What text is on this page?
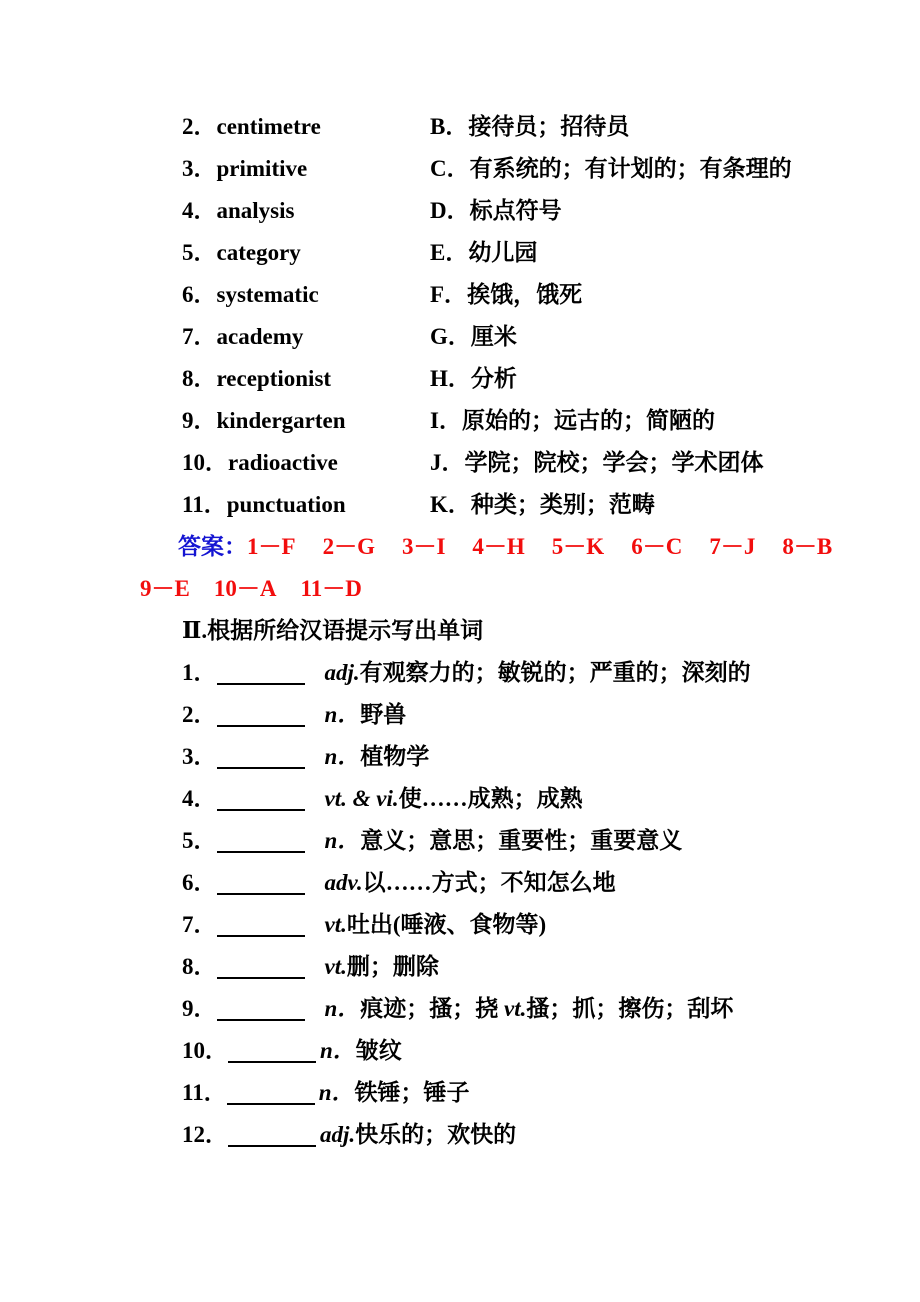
2．centimetre	B．接待员；招待员
3．primitive	C．有系统的；有计划的；有条理的
4．analysis	D．标点符号
5．category	E．幼儿园
6．systematic	F．挨饿，饿死
7．academy	G．厘米
8．receptionist	H．分析
9．kindergarten	I．原始的；远古的；简陋的
10．radioactive	J．学院；院校；学会；学术团体
11．punctuation	K．种类；类别；范畴
答案：1－F 2－G 3－I 4－H 5－K 6－C 7－J 8－B
9－E 10－A 11－D
Ⅱ.根据所给汉语提示写出单词
1．	adj.有观察力的；敏锐的；严重的；深刻的
2．	n．野兽
3．	n．植物学
4．	vt. & vi.使……成熟；成熟
5．	n．意义；意思；重要性；重要意义
6．	adv.以……方式；不知怎么地
7．	vt.吐出(唾液、食物等)
8．	vt.删；删除
9．	n．痕迹；搔；挠 vt.搔；抓；擦伤；刮坏
10．	n．皱纹
11．	n．铁锤；锤子
12．	adj.快乐的；欢快的
